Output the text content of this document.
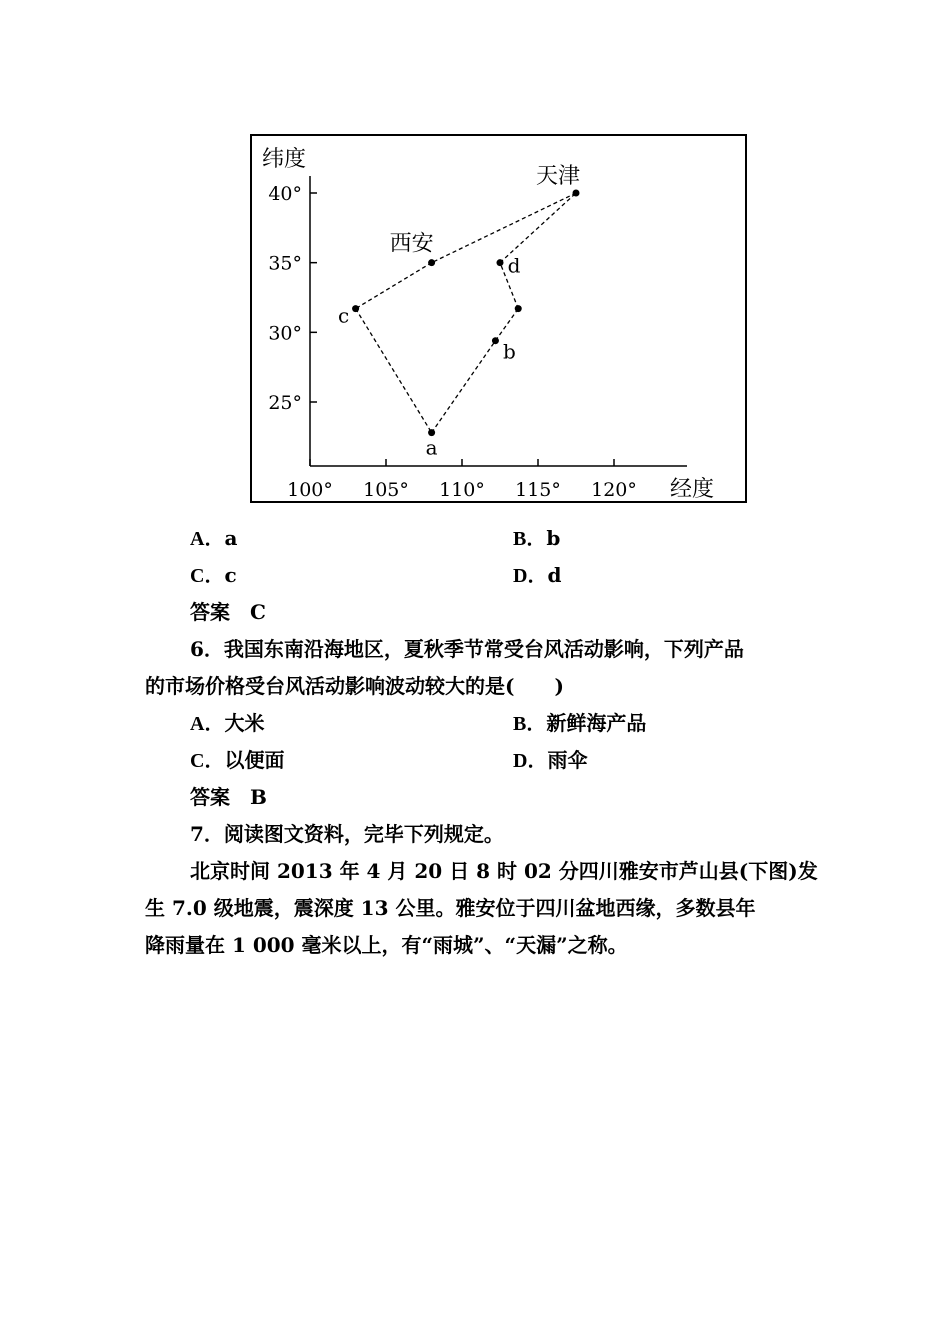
100° 105° 110° 115° 120°
40°
35°
30°
25°
天津
西安
c
a
b
d
纬度
经度
A．a	B．b
C．c	D．d
答案 C
6．我国东南沿海地区，夏秋季节常受台风活动影响，下列产品
的市场价格受台风活动影响波动较大的是(　　)
A．大米	B．新鲜海产品
C．以便面	D．雨伞
答案 B
7．阅读图文资料，完毕下列规定。
北京时间 2013 年 4 月 20 日 8 时 02 分四川雅安市芦山县(下图)发
生 7.0 级地震，震深度 13 公里。雅安位于四川盆地西缘，多数县年
降雨量在 1 000 毫米以上，有“雨城”、“天漏”之称。
